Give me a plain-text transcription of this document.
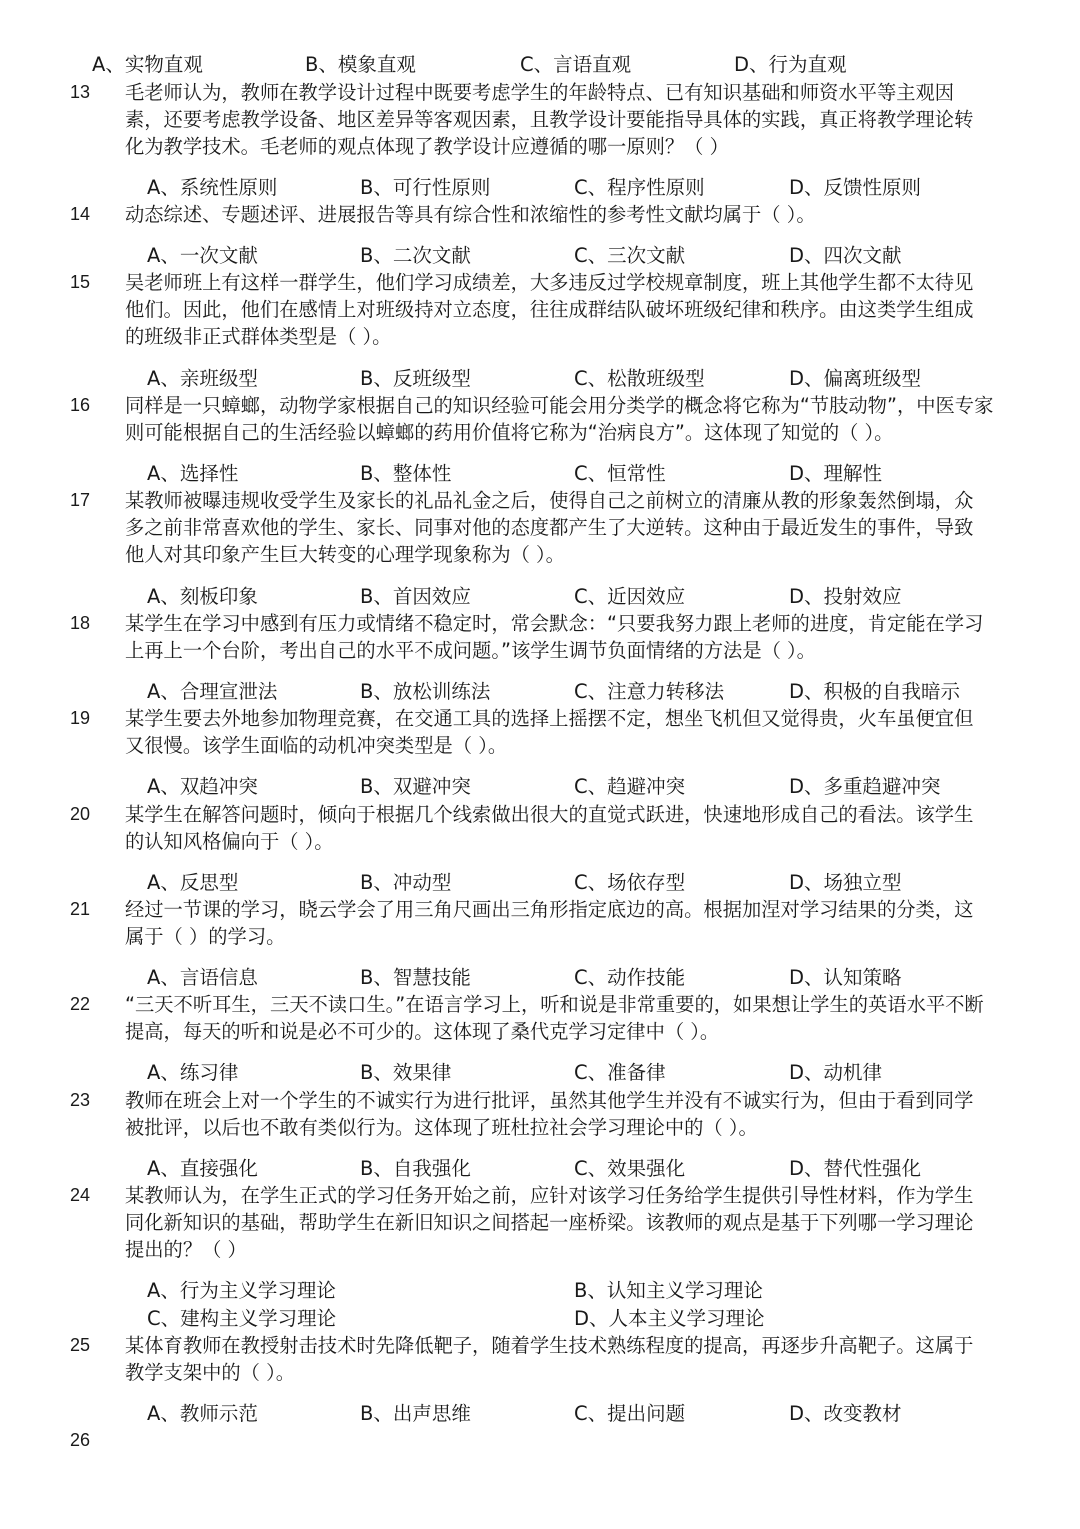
A、实物直观	B、模象直观	C、言语直观	D、行为直观
13 毛老师认为，教师在教学设计过程中既要考虑学生的年龄特点、已有知识基础和师资水平等主观因
素，还要考虑教学设备、地区差异等客观因素，且教学设计要能指导具体的实践，真正将教学理论转
化为教学技术。毛老师的观点体现了教学设计应遵循的哪一原则？（ ）
A、系统性原则	B、可行性原则	C、程序性原则	D、反馈性原则
14 动态综述、专题述评、进展报告等具有综合性和浓缩性的参考性文献均属于（ ）。
A、一次文献	B、二次文献	C、三次文献	D、四次文献
15 吴老师班上有这样一群学生，他们学习成绩差，大多违反过学校规章制度，班上其他学生都不太待见
他们。因此，他们在感情上对班级持对立态度，往往成群结队破坏班级纪律和秩序。由这类学生组成
的班级非正式群体类型是（ ）。
A、亲班级型	B、反班级型	C、松散班级型	D、偏离班级型
16 同样是一只蟑螂，动物学家根据自己的知识经验可能会用分类学的概念将它称为“节肢动物”，中医专家
则可能根据自己的生活经验以蟑螂的药用价值将它称为“治病良方”。这体现了知觉的（ ）。
A、选择性	B、整体性	C、恒常性	D、理解性
17 某教师被曝违规收受学生及家长的礼品礼金之后，使得自己之前树立的清廉从教的形象轰然倒塌，众
多之前非常喜欢他的学生、家长、同事对他的态度都产生了大逆转。这种由于最近发生的事件，导致
他人对其印象产生巨大转变的心理学现象称为（ ）。
A、刻板印象	B、首因效应	C、近因效应	D、投射效应
18 某学生在学习中感到有压力或情绪不稳定时，常会默念：“只要我努力跟上老师的进度，肯定能在学习
上再上一个台阶，考出自己的水平不成问题。”该学生调节负面情绪的方法是（ ）。
A、合理宣泄法	B、放松训练法	C、注意力转移法	D、积极的自我暗示
19 某学生要去外地参加物理竞赛，在交通工具的选择上摇摆不定，想坐飞机但又觉得贵，火车虽便宜但
又很慢。该学生面临的动机冲突类型是（ ）。
A、双趋冲突	B、双避冲突	C、趋避冲突	D、多重趋避冲突
20 某学生在解答问题时，倾向于根据几个线索做出很大的直觉式跃进，快速地形成自己的看法。该学生
的认知风格偏向于（ ）。
A、反思型	B、冲动型	C、场依存型	D、场独立型
21 经过一节课的学习，晓云学会了用三角尺画出三角形指定底边的高。根据加涅对学习结果的分类，这
属于（ ）的学习。
A、言语信息	B、智慧技能	C、动作技能	D、认知策略
22 “三天不听耳生，三天不读口生。”在语言学习上，听和说是非常重要的，如果想让学生的英语水平不断
提高，每天的听和说是必不可少的。这体现了桑代克学习定律中（ ）。
A、练习律	B、效果律	C、准备律	D、动机律
23 教师在班会上对一个学生的不诚实行为进行批评，虽然其他学生并没有不诚实行为，但由于看到同学
被批评，以后也不敢有类似行为。这体现了班杜拉社会学习理论中的（ ）。
A、直接强化	B、自我强化	C、效果强化	D、替代性强化
24 某教师认为，在学生正式的学习任务开始之前，应针对该学习任务给学生提供引导性材料，作为学生
同化新知识的基础，帮助学生在新旧知识之间搭起一座桥梁。该教师的观点是基于下列哪一学习理论
提出的？（ ）
A、行为主义学习理论	B、认知主义学习理论
C、建构主义学习理论	D、人本主义学习理论
25 某体育教师在教授射击技术时先降低靶子，随着学生技术熟练程度的提高，再逐步升高靶子。这属于
教学支架中的（ ）。
A、教师示范	B、出声思维	C、提出问题	D、改变教材
26
